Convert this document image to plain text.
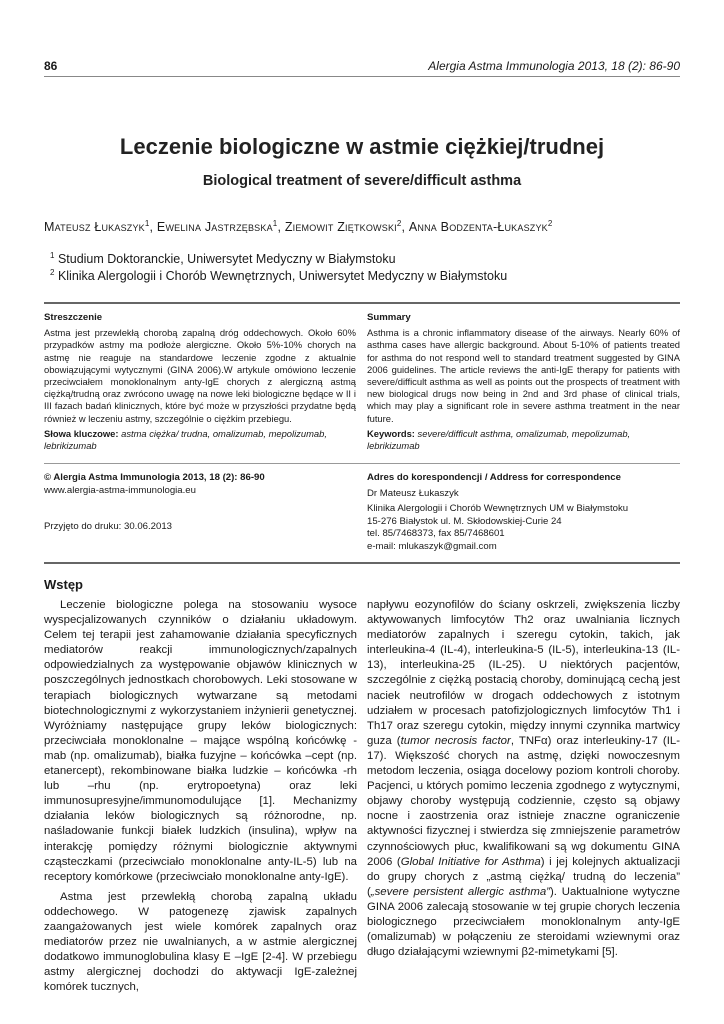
86	Alergia Astma Immunologia 2013, 18 (2): 86-90
Leczenie biologiczne w astmie ciężkiej/trudnej
Biological treatment of severe/difficult asthma
Mateusz Łukaszyk$^1$, Ewelina Jastrzębska$^1$, Ziemowit Ziętkowski$^2$, Anna Bodzenta-Łukaszyk$^2$
$^1$ Studium Doktoranckie, Uniwersytet Medyczny w Białymstoku
$^2$ Klinika Alergologii i Chorób Wewnętrznych, Uniwersytet Medyczny w Białymstoku
Streszczenie
Astma jest przewlekłą chorobą zapalną dróg oddechowych. Około 60% przypadków astmy ma podłoże alergiczne. Około 5%-10% chorych na astmę nie reaguje na standardowe leczenie zgodne z aktualnie obowiązującymi wytycznymi (GINA 2006).W artykule omówiono leczenie przeciwciałem monoklonalnym anty-IgE chorych z alergiczną astmą ciężką/trudną oraz zwrócono uwagę na nowe leki biologiczne będące w II i III fazach badań klinicznych, które być może w przyszłości przydatne będą również w leczeniu astmy, szczególnie o ciężkim przebiegu.
Słowa kluczowe: astma ciężka/ trudna, omalizumab, mepolizumab, lebrikizumab
Summary
Asthma is a chronic inflammatory disease of the airways. Nearly 60% of asthma cases have allergic background. About 5-10% of patients treated for asthma do not respond well to standard treatment suggested by GINA 2006 guidelines. The article reviews the anti-IgE therapy for patients with severe/difficult asthma as well as points out the prospects of treatment with new biological drugs now being in 2nd and 3rd phase of clinical trials, which may play a significant role in severe asthma treatment in the near future.
Keywords: severe/difficult asthma, omalizumab, mepolizumab, lebrikizumab
© Alergia Astma Immunologia 2013, 18 (2): 86-90
www.alergia-astma-immunologia.eu
Przyjęto do druku: 30.06.2013
Adres do korespondencji / Address for correspondence
Dr Mateusz Łukaszyk
Klinika Alergologii i Chorób Wewnętrznych UM w Białymstoku
15-276 Białystok ul. M. Skłodowskiej-Curie 24
tel. 85/7468373, fax 85/7468601
e-mail: mlukaszyk@gmail.com
Wstęp

Leczenie biologiczne polega na stosowaniu wysoce wyspecjalizowanych czynników o działaniu układowym. Celem tej terapii jest zahamowanie działania specyficznych mediatorów reakcji immunologicznych/zapalnych odpowiedzialnych za występowanie objawów klinicznych w poszczególnych jednostkach chorobowych. Leki stosowane w terapiach biologicznych wytwarzane są metodami biotechnologicznymi z wykorzystaniem inżynierii genetycznej. Wyróżniamy następujące grupy leków biologicznych: przeciwciała monoklonalne – mające wspólną końcówkę -mab (np. omalizumab), białka fuzyjne – końcówka –cept (np. etanercept), rekombinowane białka ludzkie – końcówka -rh lub –rhu (np. erytropoetyna) oraz leki immunosupresyjne/immunomodulujące [1]. Mechanizmy działania leków biologicznych są różnorodne, np. naśladowanie funkcji białek ludzkich (insulina), wpływ na interakcję pomiędzy różnymi biologicznie aktywnymi cząsteczkami (przeciwciało monoklonalne anty-IL-5) lub na receptory komórkowe (przeciwciało monoklonalne anty-IgE).

Astma jest przewlekłą chorobą zapalną układu oddechowego. W patogenezę zjawisk zapalnych zaangażowanych jest wiele komórek zapalnych oraz mediatorów przez nie uwalnianych, a w astmie alergicznej dodatkowo immunoglobulina klasy E –IgE [2-4]. W przebiegu astmy alergicznej dochodzi do aktywacji IgE-zależnej komórek tucznych,

napływu eozynofilów do ściany oskrzeli, zwiększenia liczby aktywowanych limfocytów Th2 oraz uwalniania licznych mediatorów zapalnych i szeregu cytokin, takich, jak interleukina-4 (IL-4), interleukina-5 (IL-5), interleukina-13 (IL-13), interleukina-25 (IL-25). U niektórych pacjentów, szczególnie z ciężką postacią choroby, dominującą cechą jest naciek neutrofilów w drogach oddechowych z istotnym udziałem w procesach patofizjologicznych limfocytów Th1 i Th17 oraz szeregu cytokin, między innymi czynnika martwicy guza (tumor necrosis factor, TNFα) oraz interleukiny-17 (IL-17). Większość chorych na astmę, dzięki nowoczesnym metodom leczenia, osiąga docelowy poziom kontroli choroby. Pacjenci, u których pomimo leczenia zgodnego z wytycznymi, objawy choroby występują codziennie, często są objawy nocne i zaostrzenia oraz istnieje znaczne ograniczenie aktywności fizycznej i stwierdza się zmniejszenie parametrów czynnościowych płuc, kwalifikowani są wg dokumentu GINA 2006 (Global Initiative for Asthma) i jej kolejnych aktualizacji do grupy chorych z „astmą ciężką/ trudną do leczenia” („severe persistent allergic asthma”). Uaktualnione wytyczne GINA 2006 zalecają stosowanie w tej grupie chorych leczenia biologicznego przeciwciałem monoklonalnym anty-IgE (omalizumab) w połączeniu ze steroidami wziewnymi oraz długo działającymi wziewnymi β2-mimetykami [5].
